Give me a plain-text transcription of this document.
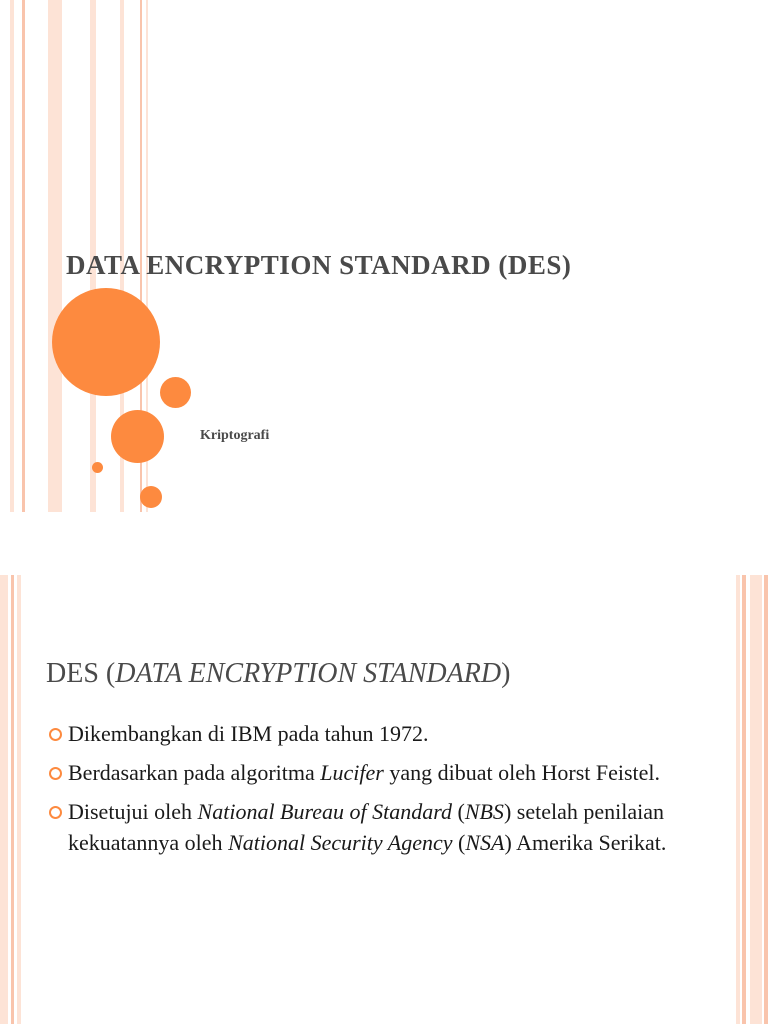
DATA ENCRYPTION STANDARD (DES)
Kriptografi
DES (DATA ENCRYPTION STANDARD)
Dikembangkan di IBM pada tahun 1972.
Berdasarkan pada algoritma Lucifer yang dibuat oleh Horst Feistel.
Disetujui oleh National Bureau of Standard (NBS) setelah penilaian kekuatannya oleh National Security Agency (NSA) Amerika Serikat.
